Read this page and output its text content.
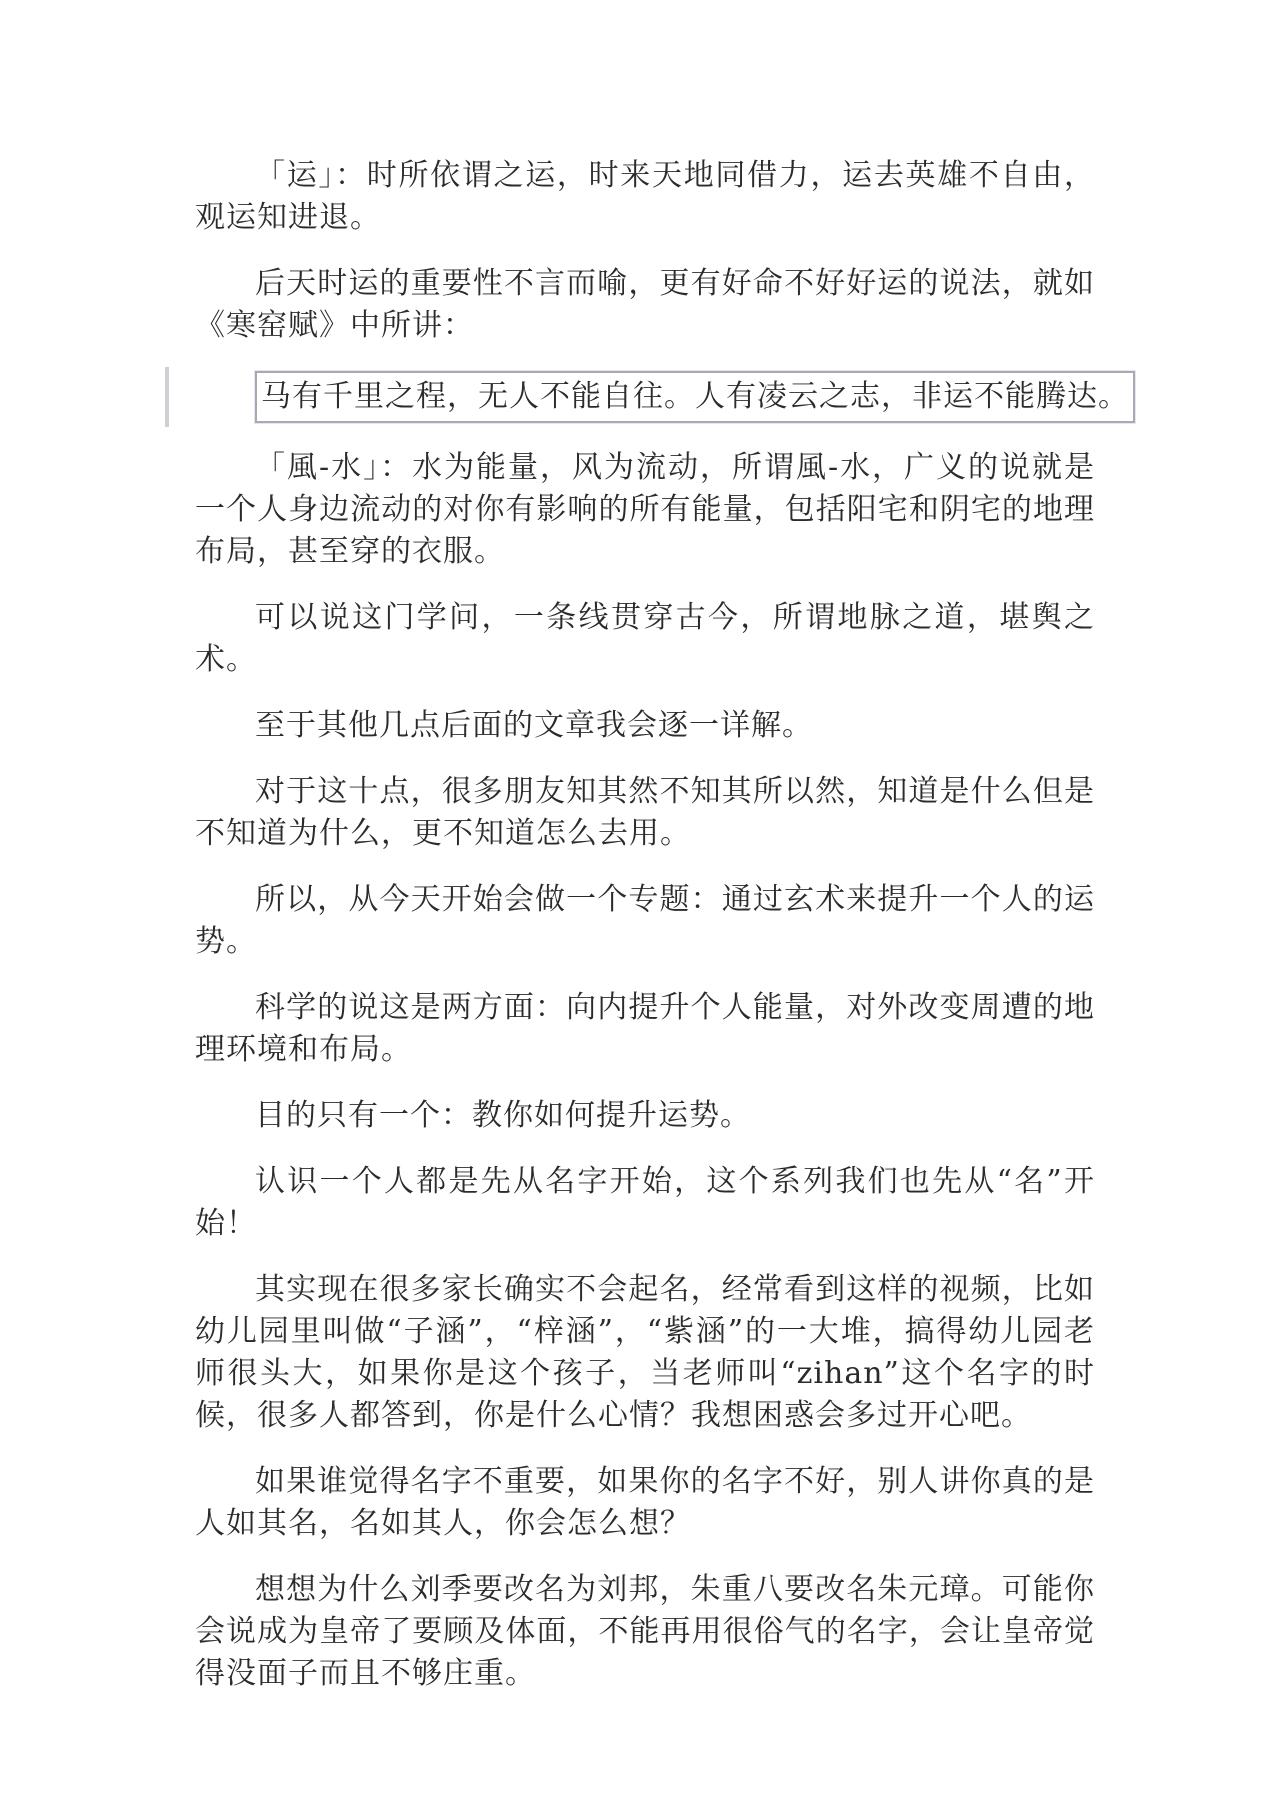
「运」：时所依谓之运，时来天地同借力，运去英雄不自由，观运知进退。

后天时运的重要性不言而喻，更有好命不好好运的说法，就如《寒窑赋》中所讲：

马有千里之程，无人不能自往。人有凌云之志，非运不能腾达。

「風-水」：水为能量，风为流动，所谓風-水，广义的说就是一个人身边流动的对你有影响的所有能量，包括阳宅和阴宅的地理布局，甚至穿的衣服。

可以说这门学问，一条线贯穿古今，所谓地脉之道，堪舆之术。

至于其他几点后面的文章我会逐一详解。

对于这十点，很多朋友知其然不知其所以然，知道是什么但是不知道为什么，更不知道怎么去用。

所以，从今天开始会做一个专题：通过玄术来提升一个人的运势。

科学的说这是两方面：向内提升个人能量，对外改变周遭的地理环境和布局。

目的只有一个：教你如何提升运势。

认识一个人都是先从名字开始，这个系列我们也先从“名”开始！

其实现在很多家长确实不会起名，经常看到这样的视频，比如幼儿园里叫做“子涵”，“梓涵”，“紫涵”的一大堆，搞得幼儿园老师很头大，如果你是这个孩子，当老师叫“zihan”这个名字的时候，很多人都答到，你是什么心情？我想困惑会多过开心吧。

如果谁觉得名字不重要，如果你的名字不好，别人讲你真的是人如其名，名如其人，你会怎么想？

想想为什么刘季要改名为刘邦，朱重八要改名朱元璋。可能你会说成为皇帝了要顾及体面，不能再用很俗气的名字，会让皇帝觉得没面子而且不够庄重。
